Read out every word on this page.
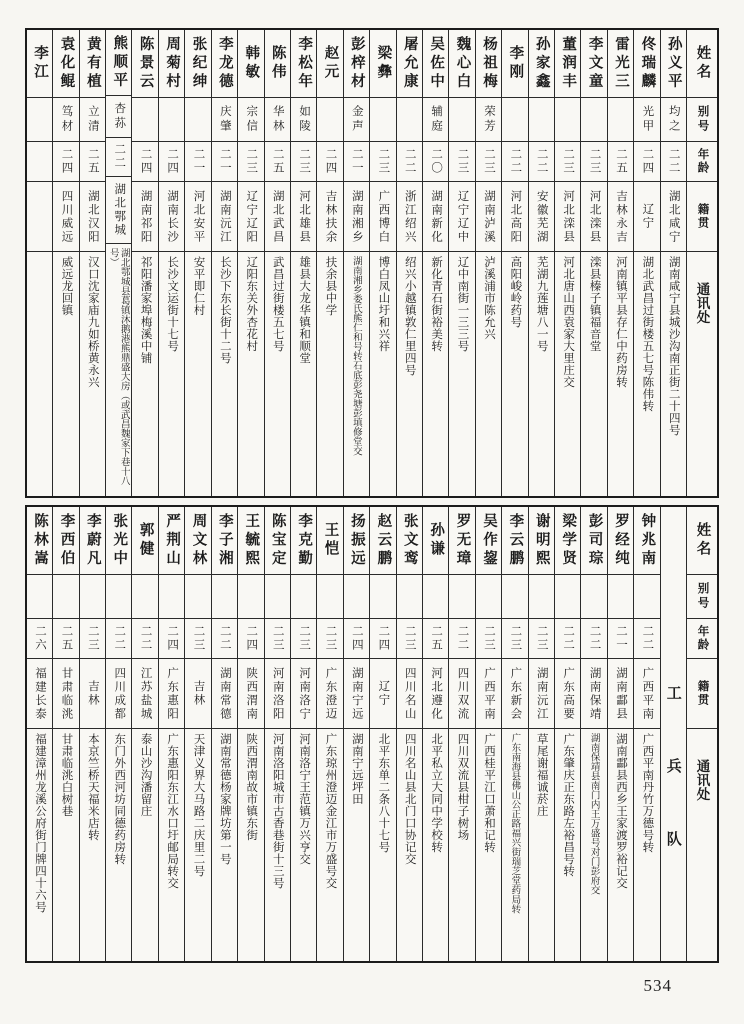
姓名
别号
年龄
籍贯
通讯处
孙义平
均之
二二
湖北咸宁
湖南咸宁县城沙沟南正街二十四号
佟瑞麟
光甲
二四
辽宁
湖北武昌过街楼五七号陈伟转
雷光三
二五
吉林永吉
河南镇平县存仁中药房转
李文童
二三
河北滦县
滦县榛子镇福音堂
董润丰
二三
河北滦县
河北唐山西袁家大里庄交
孙家鑫
二二
安徽芜湖
芜湖九莲塘八一号
李刚
二二
河北高阳
高阳峻岭药号
杨祖梅
荣芳
二三
湖南泸溪
泸溪浦市陈允兴
魏心白
二三
辽宁辽中
辽中南街一三三号
吴佐中
辅庭
二〇
湖南新化
新化青石街裕美转
屠允康
二二
浙江绍兴
绍兴小越镇敦仁里四号
梁彝
二三
广西博白
博白凤山圩和兴祥
彭梓材
金声
二一
湖南湘乡
湖南湘乡娄氏熊仁和号转石底彭尧塘彭填修堂交
赵元
二四
吉林扶余
扶余县中学
李松年
如陵
二三
河北雄县
雄县大龙华镇和顺堂
陈伟
华林
二五
湖北武昌
武昌过街楼五七号
韩敏
宗信
二三
辽宁辽阳
辽阳东关外杏花村
李龙德
庆肇
二一
湖南沅江
长沙下东长街十二号
张纪绅
二一
河北安平
安平即仁村
周菊村
二四
湖南长沙
长沙文运街十七号
陈景云
二四
湖南祁阳
祁阳潘家埠梅溪中铺
熊顺平
杏荪
二二
湖北鄂城
湖北鄂城县葛镇沐鹅港熊鼎盛大房（或武昌魏家下巷十八号）
黄有植
立清
二五
湖北汉阳
汉口沈家庙九如桥黄永兴
袁化鲲
笃材
二四
四川威远
威远龙回镇
李江
姓名
别号
年龄
籍贯
通讯处
工兵队
钟兆南
二二
广西平南
广西平南丹竹万德号转
罗经纯
二一
湖南酃县
湖南酃县西乡王家渡罗裕记交
彭司琮
二二
湖南保靖
湖南保靖县南门内王万盛号对门彭府交
梁学贤
二二
广东高要
广东肇庆正东路左裕昌号转
谢明熙
二三
湖南沅江
草尾谢福诚菸庄
李云鹏
二三
广东新会
广东南海县佛山公正路福兴街瑞芝堂药局转
吴作鋆
二三
广西平南
广西桂平江口萧和记转
罗无璋
二二
四川双流
四川双流县柑子树场
孙谦
二五
河北遵化
北平私立大同中学校转
张文鸾
二三
四川名山
四川名山县北门口协记交
赵云鹏
二四
辽宁
北平东单二条八十七号
扬振远
二四
湖南宁远
湖南宁远坪田
王恺
二三
广东澄迈
广东琼州澄迈金江市万盛号交
李克勤
二三
河南洛宁
河南洛宁王范镇万兴亨交
陈宝定
二三
河南洛阳
河南洛阳城市古香巷街十三号
王毓熙
二四
陕西渭南
陕西渭南故市镇东街
李子湘
二二
湖南常德
湖南常德杨家牌坊第一号
周文林
二三
吉林
天津义界大马路二庆里二号
严荆山
二四
广东惠阳
广东惠阳东江水口圩邮局转交
郭健
二二
江苏盐城
泰山沙沟潘留庄
张光中
二二
四川成都
东门外西河坊同德药房转
李蔚凡
二三
吉林
本京竺桥天福米店转
李西伯
二五
甘肃临洮
甘肃临洮白树巷
陈林嵩
二六
福建长泰
福建漳州龙溪公府街门牌四十六号
534
